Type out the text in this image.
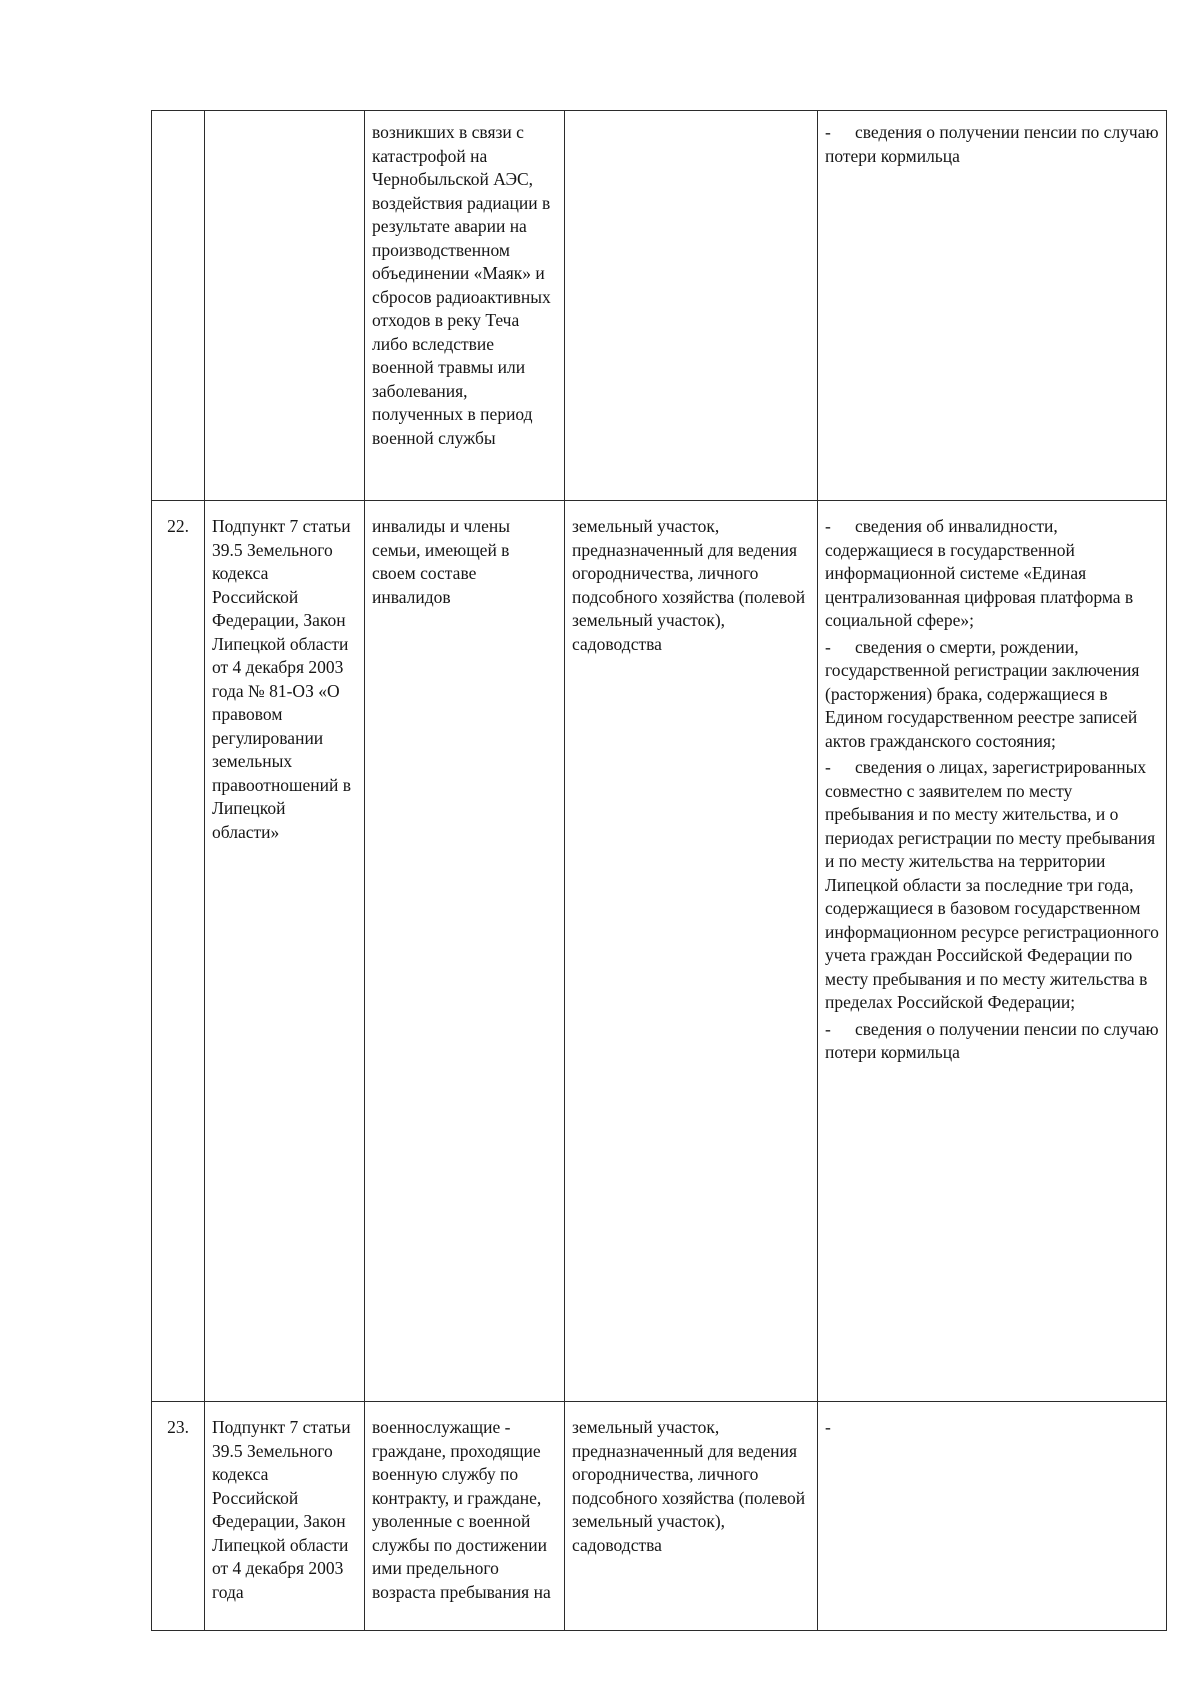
		возникших в связи с катастрофой на Чернобыльской АЭС, воздействия радиации в результате аварии на производственном объединении «Маяк» и сбросов радиоактивных отходов в реку Теча либо вследствие военной травмы или заболевания, полученных в период военной службы		- сведения о получении пенсии по случаю потери кормильца

22.	Подпункт 7 статьи 39.5 Земельного кодекса Российской Федерации, Закон Липецкой области от 4 декабря 2003 года № 81-ОЗ «О правовом регулировании земельных правоотношений в Липецкой области»	инвалиды и члены семьи, имеющей в своем составе инвалидов	земельный участок, предназначенный для ведения огородничества, личного подсобного хозяйства (полевой земельный участок), садоводства	- сведения об инвалидности, содержащиеся в государственной информационной системе «Единая централизованная цифровая платформа в социальной сфере»;

- сведения о смерти, рождении, государственной регистрации заключения (расторжения) брака, содержащиеся в Едином государственном реестре записей актов гражданского состояния;

- сведения о лицах, зарегистрированных совместно с заявителем по месту пребывания и по месту жительства, и о периодах регистрации по месту пребывания и по месту жительства на территории Липецкой области за последние три года, содержащиеся в базовом государственном информационном ресурсе регистрационного учета граждан Российской Федерации по месту пребывания и по месту жительства в пределах Российской Федерации;

- сведения о получении пенсии по случаю потери кормильца

23.	Подпункт 7 статьи 39.5 Земельного кодекса Российской Федерации, Закон Липецкой области от 4 декабря 2003 года	военнослужащие - граждане, проходящие военную службу по контракту, и граждане, уволенные с военной службы по достижении ими предельного возраста пребывания на	земельный участок, предназначенный для ведения огородничества, личного подсобного хозяйства (полевой земельный участок), садоводства	-
